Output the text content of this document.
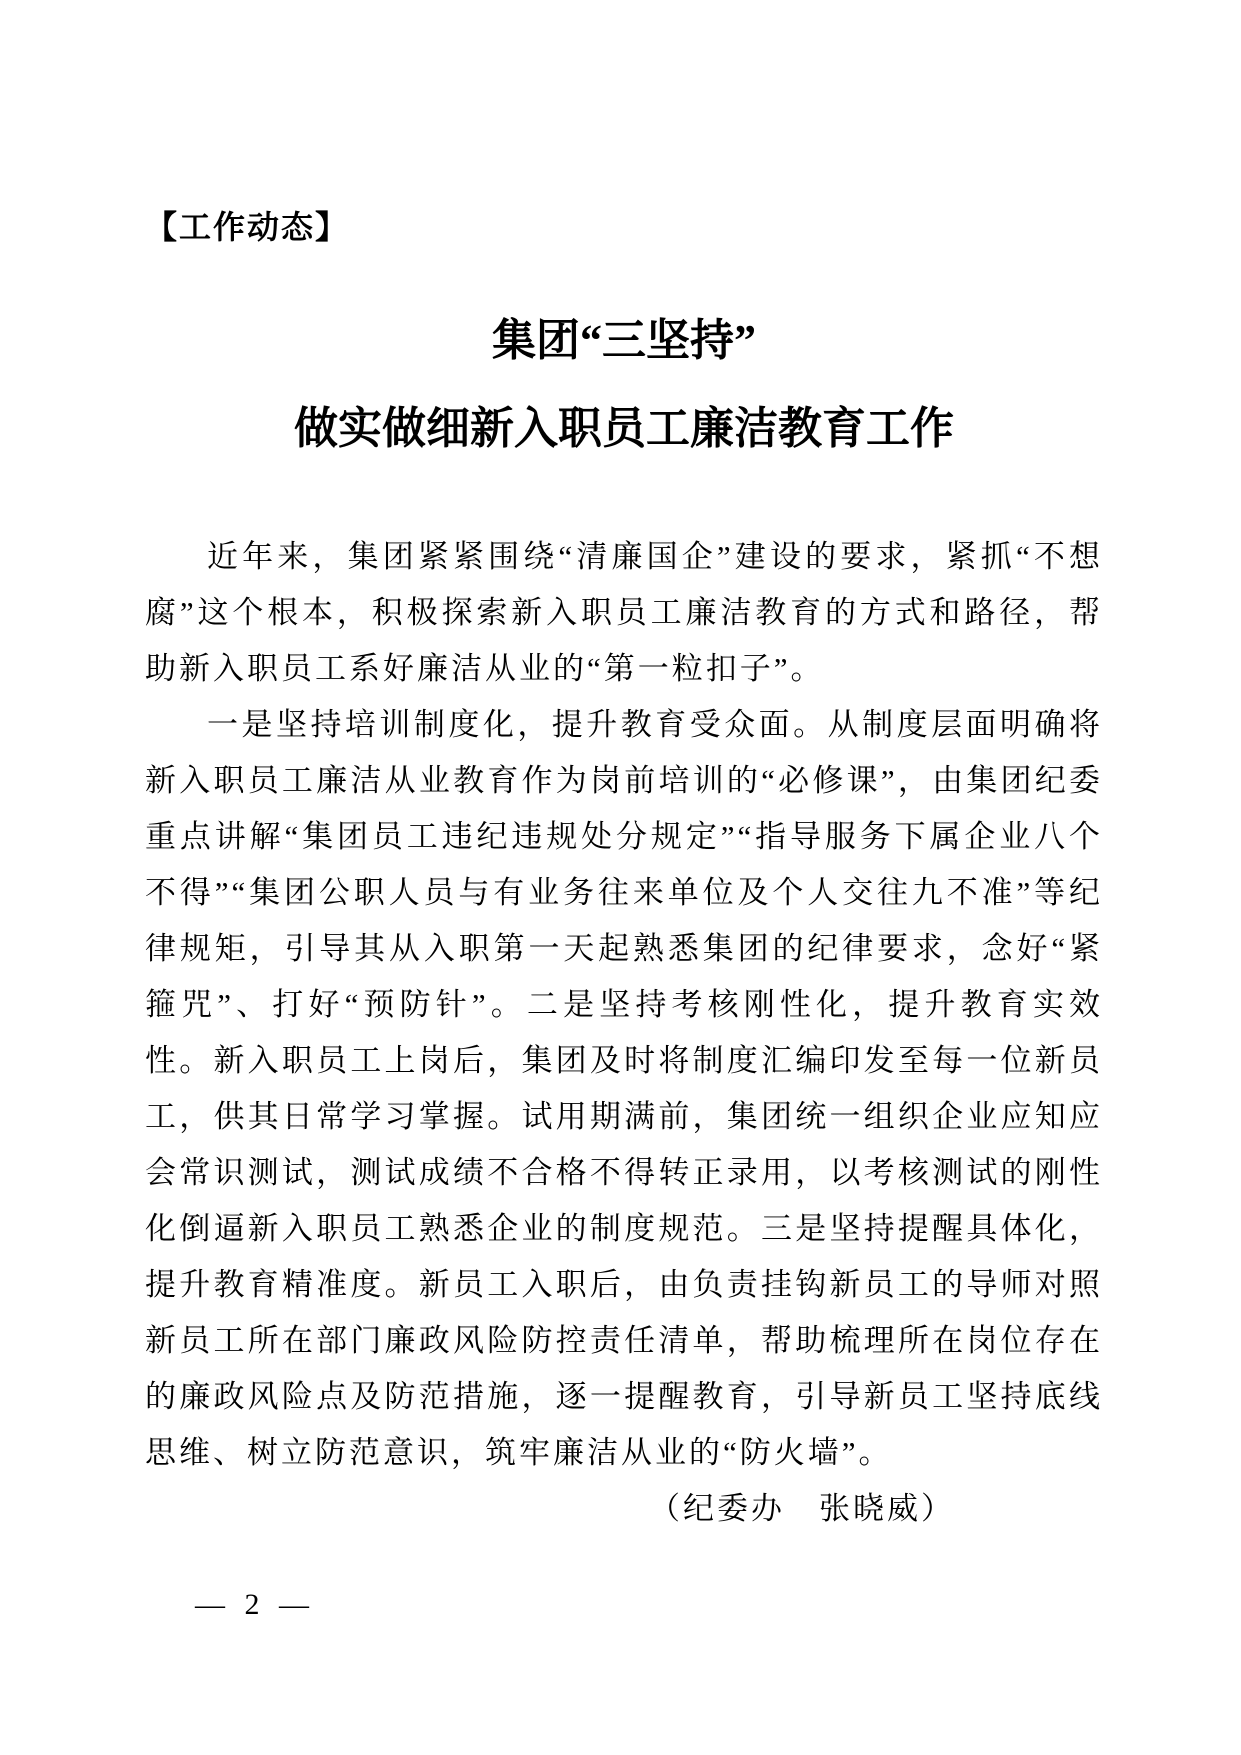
【工作动态】
集团“三坚持”
做实做细新入职员工廉洁教育工作

近年来，集团紧紧围绕“清廉国企”建设的要求，紧抓“不想腐”这个根本，积极探索新入职员工廉洁教育的方式和路径，帮助新入职员工系好廉洁从业的“第一粒扣子”。

一是坚持培训制度化，提升教育受众面。从制度层面明确将新入职员工廉洁从业教育作为岗前培训的“必修课”，由集团纪委重点讲解“集团员工违纪违规处分规定”“指导服务下属企业八个不得”“集团公职人员与有业务往来单位及个人交往九不准”等纪律规矩，引导其从入职第一天起熟悉集团的纪律要求，念好“紧箍咒”、打好“预防针”。二是坚持考核刚性化，提升教育实效性。新入职员工上岗后，集团及时将制度汇编印发至每一位新员工，供其日常学习掌握。试用期满前，集团统一组织企业应知应会常识测试，测试成绩不合格不得转正录用，以考核测试的刚性化倒逼新入职员工熟悉企业的制度规范。三是坚持提醒具体化，提升教育精准度。新员工入职后，由负责挂钩新员工的导师对照新员工所在部门廉政风险防控责任清单，帮助梳理所在岗位存在的廉政风险点及防范措施，逐一提醒教育，引导新员工坚持底线思维、树立防范意识，筑牢廉洁从业的“防火墙”。

（纪委办　张晓威）
— 2 —
